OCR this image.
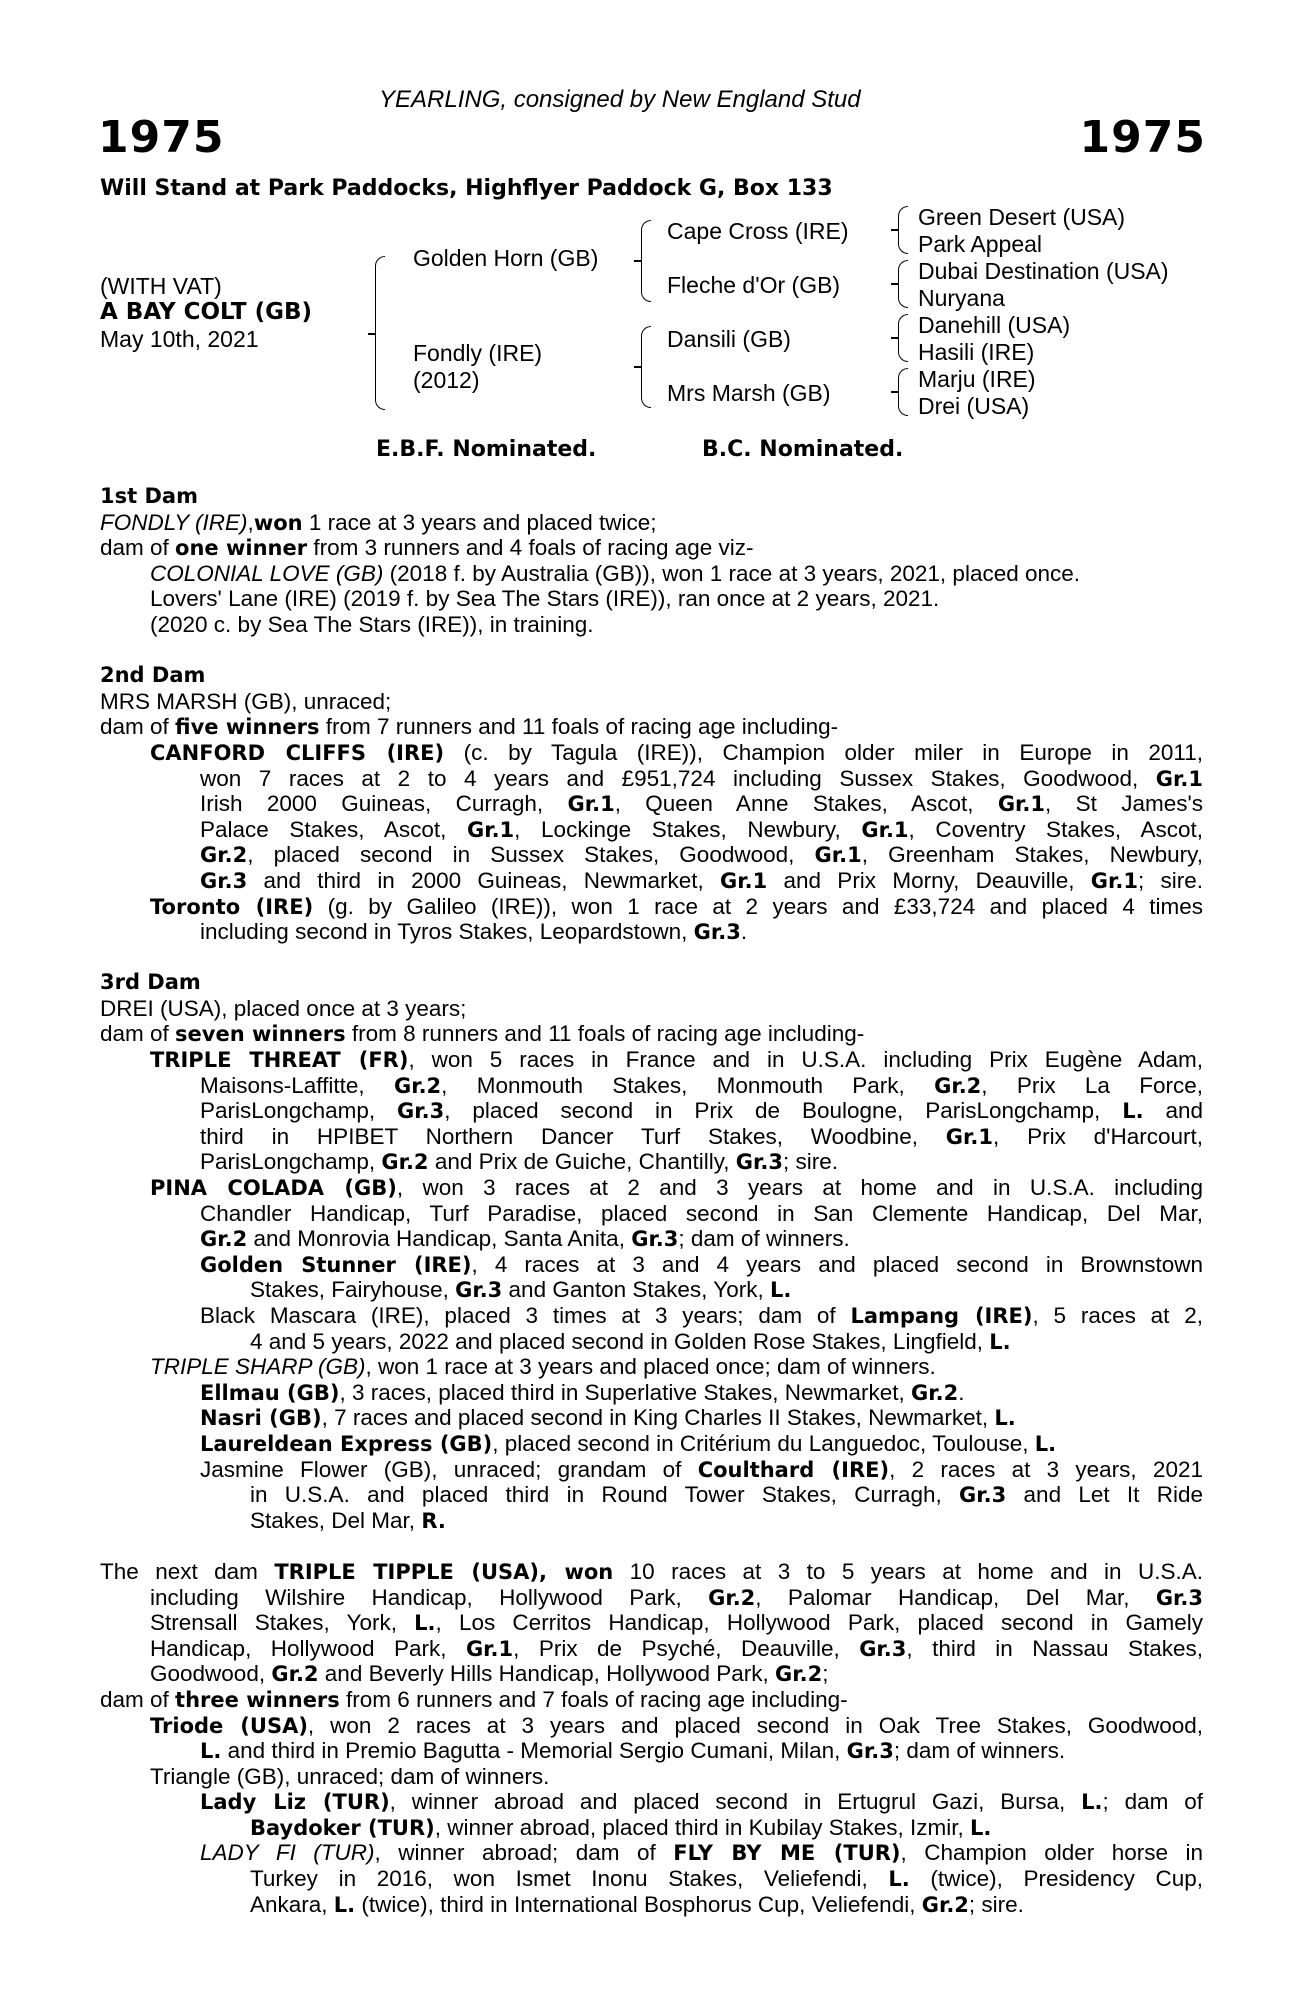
YEARLING, consigned by New England Stud
1975	1975
Will Stand at Park Paddocks, Highflyer Paddock G, Box 133
(WITH VAT)
A BAY COLT (GB)
May 10th, 2021
Golden Horn (GB)
Fondly (IRE)
(2012)
Cape Cross (IRE)
Fleche d'Or (GB)
Dansili (GB)
Mrs Marsh (GB)
Green Desert (USA)
Park Appeal
Dubai Destination (USA)
Nuryana
Danehill (USA)
Hasili (IRE)
Marju (IRE)
Drei (USA)
E.B.F. Nominated.	B.C. Nominated.
1st Dam
FONDLY (IRE),won 1 race at 3 years and placed twice;
dam of one winner from 3 runners and 4 foals of racing age viz-
COLONIAL LOVE (GB) (2018 f. by Australia (GB)), won 1 race at 3 years, 2021, placed once.
Lovers' Lane (IRE) (2019 f. by Sea The Stars (IRE)), ran once at 2 years, 2021.
(2020 c. by Sea The Stars (IRE)), in training.
2nd Dam
MRS MARSH (GB), unraced;
dam of five winners from 7 runners and 11 foals of racing age including-
CANFORD CLIFFS (IRE) (c. by Tagula (IRE)), Champion older miler in Europe in 2011,
won 7 races at 2 to 4 years and £951,724 including Sussex Stakes, Goodwood, Gr.1
Irish 2000 Guineas, Curragh, Gr.1, Queen Anne Stakes, Ascot, Gr.1, St James's
Palace Stakes, Ascot, Gr.1, Lockinge Stakes, Newbury, Gr.1, Coventry Stakes, Ascot,
Gr.2, placed second in Sussex Stakes, Goodwood, Gr.1, Greenham Stakes, Newbury,
Gr.3 and third in 2000 Guineas, Newmarket, Gr.1 and Prix Morny, Deauville, Gr.1; sire.
Toronto (IRE) (g. by Galileo (IRE)), won 1 race at 2 years and £33,724 and placed 4 times
including second in Tyros Stakes, Leopardstown, Gr.3.
3rd Dam
DREI (USA), placed once at 3 years;
dam of seven winners from 8 runners and 11 foals of racing age including-
TRIPLE THREAT (FR), won 5 races in France and in U.S.A. including Prix Eugène Adam,
Maisons-Laffitte, Gr.2, Monmouth Stakes, Monmouth Park, Gr.2, Prix La Force,
ParisLongchamp, Gr.3, placed second in Prix de Boulogne, ParisLongchamp, L. and
third in HPIBET Northern Dancer Turf Stakes, Woodbine, Gr.1, Prix d'Harcourt,
ParisLongchamp, Gr.2 and Prix de Guiche, Chantilly, Gr.3; sire.
PINA COLADA (GB), won 3 races at 2 and 3 years at home and in U.S.A. including
Chandler Handicap, Turf Paradise, placed second in San Clemente Handicap, Del Mar,
Gr.2 and Monrovia Handicap, Santa Anita, Gr.3; dam of winners.
Golden Stunner (IRE), 4 races at 3 and 4 years and placed second in Brownstown
Stakes, Fairyhouse, Gr.3 and Ganton Stakes, York, L.
Black Mascara (IRE), placed 3 times at 3 years; dam of Lampang (IRE), 5 races at 2,
4 and 5 years, 2022 and placed second in Golden Rose Stakes, Lingfield, L.
TRIPLE SHARP (GB), won 1 race at 3 years and placed once; dam of winners.
Ellmau (GB), 3 races, placed third in Superlative Stakes, Newmarket, Gr.2.
Nasri (GB), 7 races and placed second in King Charles II Stakes, Newmarket, L.
Laureldean Express (GB), placed second in Critérium du Languedoc, Toulouse, L.
Jasmine Flower (GB), unraced; grandam of Coulthard (IRE), 2 races at 3 years, 2021
in U.S.A. and placed third in Round Tower Stakes, Curragh, Gr.3 and Let It Ride
Stakes, Del Mar, R.
The next dam TRIPLE TIPPLE (USA), won 10 races at 3 to 5 years at home and in U.S.A.
including Wilshire Handicap, Hollywood Park, Gr.2, Palomar Handicap, Del Mar, Gr.3
Strensall Stakes, York, L., Los Cerritos Handicap, Hollywood Park, placed second in Gamely
Handicap, Hollywood Park, Gr.1, Prix de Psyché, Deauville, Gr.3, third in Nassau Stakes,
Goodwood, Gr.2 and Beverly Hills Handicap, Hollywood Park, Gr.2;
dam of three winners from 6 runners and 7 foals of racing age including-
Triode (USA), won 2 races at 3 years and placed second in Oak Tree Stakes, Goodwood,
L. and third in Premio Bagutta - Memorial Sergio Cumani, Milan, Gr.3; dam of winners.
Triangle (GB), unraced; dam of winners.
Lady Liz (TUR), winner abroad and placed second in Ertugrul Gazi, Bursa, L.; dam of
Baydoker (TUR), winner abroad, placed third in Kubilay Stakes, Izmir, L.
LADY FI (TUR), winner abroad; dam of FLY BY ME (TUR), Champion older horse in
Turkey in 2016, won Ismet Inonu Stakes, Veliefendi, L. (twice), Presidency Cup,
Ankara, L. (twice), third in International Bosphorus Cup, Veliefendi, Gr.2; sire.
